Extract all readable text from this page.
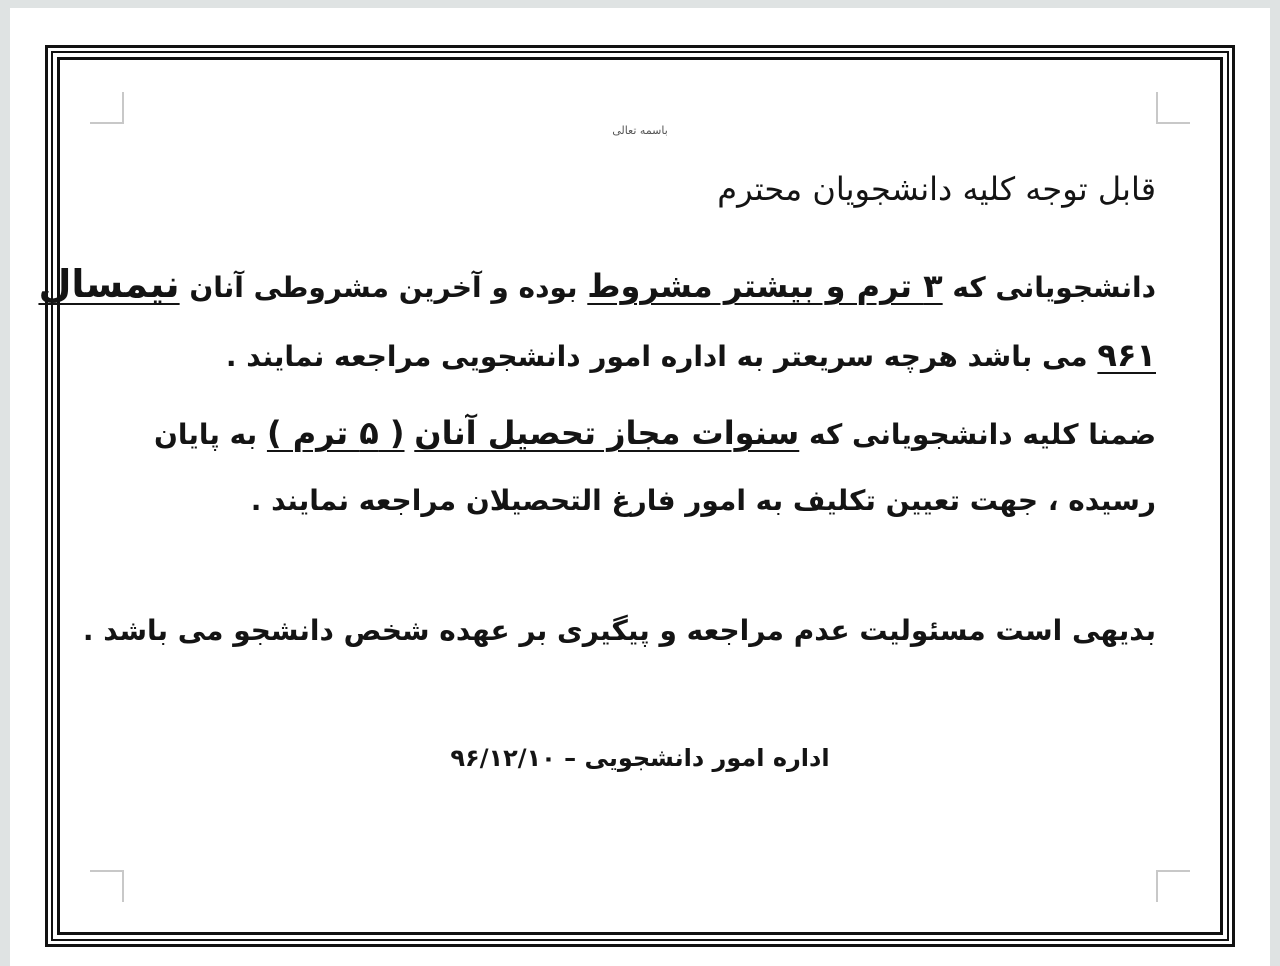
باسمه تعالی
قابل توجه کلیه دانشجویان محترم
دانشجویانی که ۳ ترم و بیشتر مشروط بوده و آخرین مشروطی آنان نیمسال
۹۶۱ می باشد هرچه سریعتر به اداره امور دانشجویی مراجعه نمایند .
ضمنا کلیه دانشجویانی که سنوات مجاز تحصیل آنان ( ۵ ترم ) به پایان
رسیده ، جهت تعیین تکلیف به امور فارغ التحصیلان مراجعه نمایند .
بدیهی است مسئولیت عدم مراجعه و پیگیری بر عهده شخص دانشجو می باشد .
اداره امور دانشجویی – ۹۶/۱۲/۱۰
